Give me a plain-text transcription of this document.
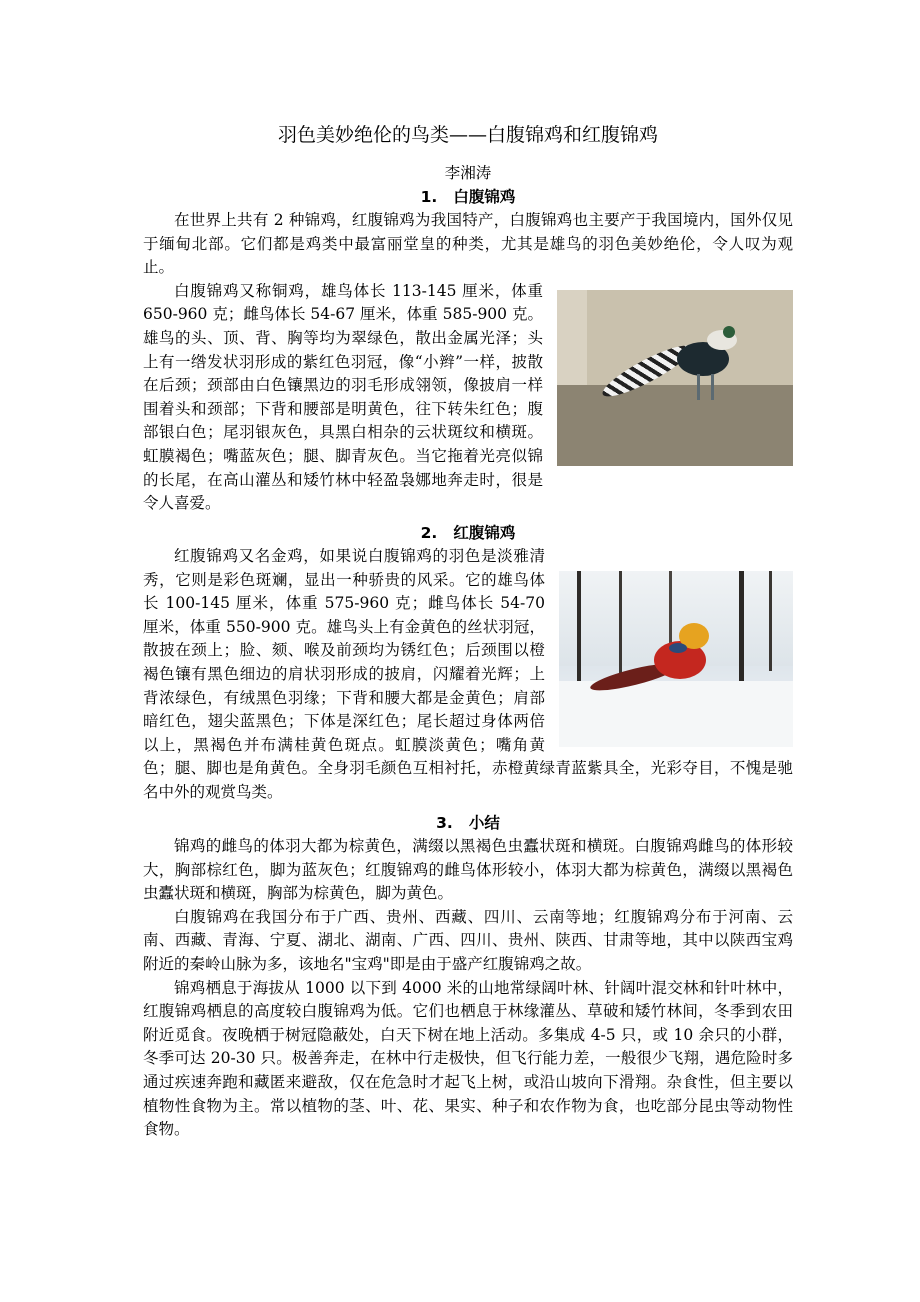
羽色美妙绝伦的鸟类——白腹锦鸡和红腹锦鸡
李湘涛
1.   白腹锦鸡

在世界上共有 2 种锦鸡，红腹锦鸡为我国特产，白腹锦鸡也主要产于我国境内，国外仅见于缅甸北部。它们都是鸡类中最富丽堂皇的种类，尤其是雄鸟的羽色美妙绝伦，令人叹为观止。

白腹锦鸡又称铜鸡，雄鸟体长 113-145 厘米，体重 650-960 克；雌鸟体长 54-67 厘米，体重 585-900 克。雄鸟的头、顶、背、胸等均为翠绿色，散出金属光泽；头上有一绺发状羽形成的紫红色羽冠，像“小辫”一样，披散在后颈；颈部由白色镶黑边的羽毛形成翎领，像披肩一样围着头和颈部；下背和腰部是明黄色，往下转朱红色；腹部银白色；尾羽银灰色，具黑白相杂的云状斑纹和横斑。虹膜褐色；嘴蓝灰色；腿、脚青灰色。当它拖着光亮似锦的长尾，在高山灌丛和矮竹林中轻盈袅娜地奔走时，很是令人喜爱。

2.   红腹锦鸡

红腹锦鸡又名金鸡，如果说白腹锦鸡的羽色是淡雅清秀，它则是彩色斑斓，显出一种骄贵的风采。它的雄鸟体长 100-145 厘米，体重 575-960 克；雌鸟体长 54-70 厘米，体重 550-900 克。雄鸟头上有金黄色的丝状羽冠，散披在颈上；脸、颏、喉及前颈均为锈红色；后颈围以橙褐色镶有黑色细边的肩状羽形成的披肩，闪耀着光辉；上背浓绿色，有绒黑色羽缘；下背和腰大都是金黄色；肩部暗红色，翅尖蓝黑色；下体是深红色；尾长超过身体两倍以上，黑褐色并布满桂黄色斑点。虹膜淡黄色；嘴角黄色；腿、脚也是角黄色。全身羽毛颜色互相衬托，赤橙黄绿青蓝紫具全，光彩夺目，不愧是驰名中外的观赏鸟类。

3.   小结

锦鸡的雌鸟的体羽大都为棕黄色，满缀以黑褐色虫蠹状斑和横斑。白腹锦鸡雌鸟的体形较大，胸部棕红色，脚为蓝灰色；红腹锦鸡的雌鸟体形较小，体羽大都为棕黄色，满缀以黑褐色虫蠹状斑和横斑，胸部为棕黄色，脚为黄色。

白腹锦鸡在我国分布于广西、贵州、西藏、四川、云南等地；红腹锦鸡分布于河南、云南、西藏、青海、宁夏、湖北、湖南、广西、四川、贵州、陕西、甘肃等地，其中以陕西宝鸡附近的秦岭山脉为多，该地名"宝鸡"即是由于盛产红腹锦鸡之故。

锦鸡栖息于海拔从 1000 以下到 4000 米的山地常绿阔叶林、针阔叶混交林和针叶林中，红腹锦鸡栖息的高度较白腹锦鸡为低。它们也栖息于林缘灌丛、草破和矮竹林间，冬季到农田附近觅食。夜晚栖于树冠隐蔽处，白天下树在地上活动。多集成 4-5 只，或 10 余只的小群，冬季可达 20-30 只。极善奔走，在林中行走极快，但飞行能力差，一般很少飞翔，遇危险时多通过疾速奔跑和藏匿来避敌，仅在危急时才起飞上树，或沿山坡向下滑翔。杂食性，但主要以植物性食物为主。常以植物的茎、叶、花、果实、种子和农作物为食，也吃部分昆虫等动物性食物。
